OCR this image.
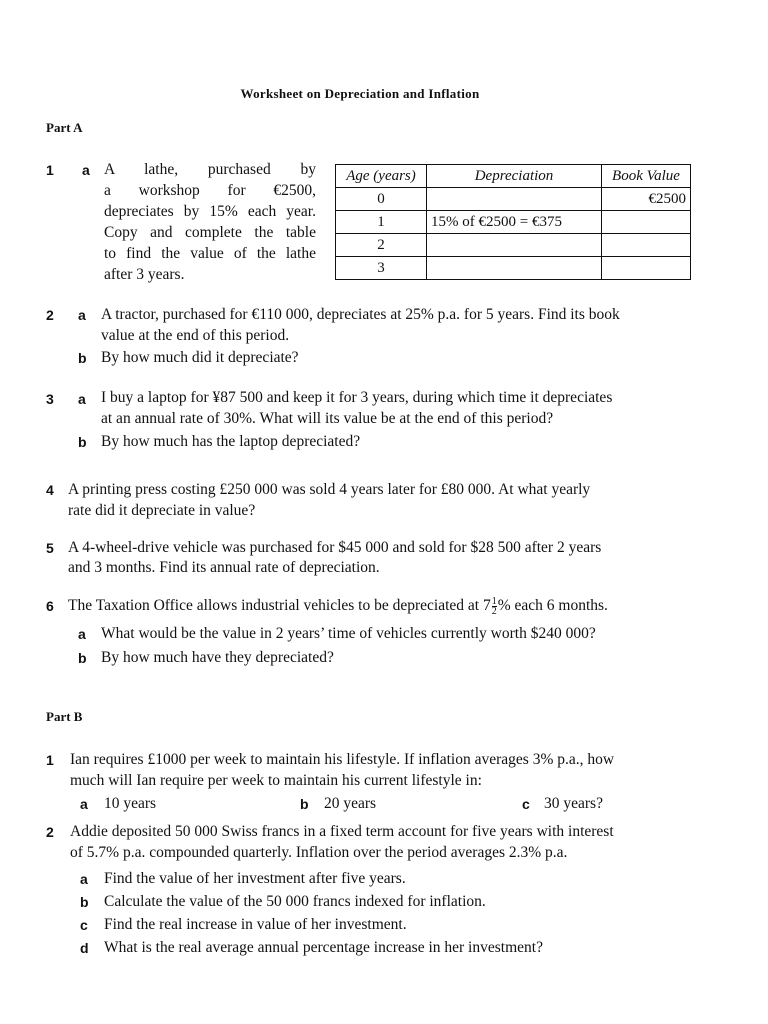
Worksheet on Depreciation and Inflation
Part A
1 a A lathe, purchased by
a workshop for €2500,
depreciates by 15% each year.
Copy and complete the table
to find the value of the lathe
after 3 years.
Age (years)	Depreciation	Book Value
0		€2500
1	15% of €2500 = €375	
2		
3		
2 a A tractor, purchased for €110 000, depreciates at 25% p.a. for 5 years. Find its book
value at the end of this period.
b By how much did it depreciate?
3 a I buy a laptop for ¥87 500 and keep it for 3 years, during which time it depreciates
at an annual rate of 30%. What will its value be at the end of this period?
b By how much has the laptop depreciated?
4 A printing press costing £250 000 was sold 4 years later for £80 000. At what yearly
rate did it depreciate in value?
5 A 4-wheel-drive vehicle was purchased for $45 000 and sold for $28 500 after 2 years
and 3 months. Find its annual rate of depreciation.
6 The Taxation Office allows industrial vehicles to be depreciated at $7 \frac{1}{2}$ % each 6 months.
a What would be the value in 2 years’ time of vehicles currently worth $240 000?
b By how much have they depreciated?
Part B
1 Ian requires £1000 per week to maintain his lifestyle. If inflation averages 3% p.a., how
much will Ian require per week to maintain his current lifestyle in:
a 10 years	b 20 years	c 30 years?
2 Addie deposited 50 000 Swiss francs in a fixed term account for five years with interest
of 5.7% p.a. compounded quarterly. Inflation over the period averages 2.3% p.a.
a Find the value of her investment after five years.
b Calculate the value of the 50 000 francs indexed for inflation.
c Find the real increase in value of her investment.
d What is the real average annual percentage increase in her investment?
